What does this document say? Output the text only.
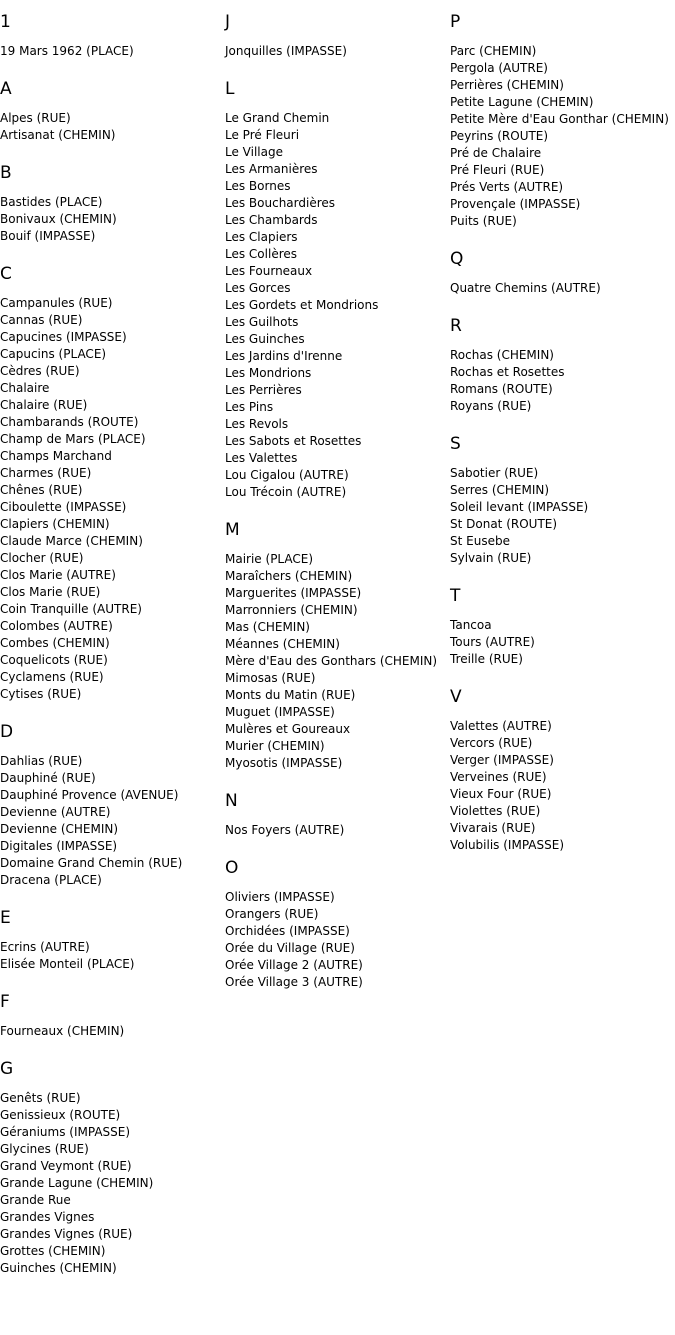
1
19 Mars 1962 (PLACE)
A
Alpes (RUE)
Artisanat (CHEMIN)
B
Bastides (PLACE)
Bonivaux (CHEMIN)
Bouif (IMPASSE)
C
Campanules (RUE)
Cannas (RUE)
Capucines (IMPASSE)
Capucins (PLACE)
Cèdres (RUE)
Chalaire
Chalaire (RUE)
Chambarands (ROUTE)
Champ de Mars (PLACE)
Champs Marchand
Charmes (RUE)
Chênes (RUE)
Ciboulette (IMPASSE)
Clapiers (CHEMIN)
Claude Marce (CHEMIN)
Clocher (RUE)
Clos Marie (AUTRE)
Clos Marie (RUE)
Coin Tranquille (AUTRE)
Colombes (AUTRE)
Combes (CHEMIN)
Coquelicots (RUE)
Cyclamens (RUE)
Cytises (RUE)
D
Dahlias (RUE)
Dauphiné (RUE)
Dauphiné Provence (AVENUE)
Devienne (AUTRE)
Devienne (CHEMIN)
Digitales (IMPASSE)
Domaine Grand Chemin (RUE)
Dracena (PLACE)
E
Ecrins (AUTRE)
Elisée Monteil (PLACE)
F
Fourneaux (CHEMIN)
G
Genêts (RUE)
Genissieux (ROUTE)
Géraniums (IMPASSE)
Glycines (RUE)
Grand Veymont (RUE)
Grande Lagune (CHEMIN)
Grande Rue
Grandes Vignes
Grandes Vignes (RUE)
Grottes (CHEMIN)
Guinches (CHEMIN)
J
Jonquilles (IMPASSE)
L
Le Grand Chemin
Le Pré Fleuri
Le Village
Les Armanières
Les Bornes
Les Bouchardières
Les Chambards
Les Clapiers
Les Collères
Les Fourneaux
Les Gorces
Les Gordets et Mondrions
Les Guilhots
Les Guinches
Les Jardins d'Irenne
Les Mondrions
Les Perrières
Les Pins
Les Revols
Les Sabots et Rosettes
Les Valettes
Lou Cigalou (AUTRE)
Lou Trécoin (AUTRE)
M
Mairie (PLACE)
Maraîchers (CHEMIN)
Marguerites (IMPASSE)
Marronniers (CHEMIN)
Mas (CHEMIN)
Méannes (CHEMIN)
Mère d'Eau des Gonthars (CHEMIN)
Mimosas (RUE)
Monts du Matin (RUE)
Muguet (IMPASSE)
Mulères et Goureaux
Murier (CHEMIN)
Myosotis (IMPASSE)
N
Nos Foyers (AUTRE)
O
Oliviers (IMPASSE)
Orangers (RUE)
Orchidées (IMPASSE)
Orée du Village (RUE)
Orée Village 2 (AUTRE)
Orée Village 3 (AUTRE)
P
Parc (CHEMIN)
Pergola (AUTRE)
Perrières (CHEMIN)
Petite Lagune (CHEMIN)
Petite Mère d'Eau Gonthar (CHEMIN)
Peyrins (ROUTE)
Pré de Chalaire
Pré Fleuri (RUE)
Prés Verts (AUTRE)
Provençale (IMPASSE)
Puits (RUE)
Q
Quatre Chemins (AUTRE)
R
Rochas (CHEMIN)
Rochas et Rosettes
Romans (ROUTE)
Royans (RUE)
S
Sabotier (RUE)
Serres (CHEMIN)
Soleil levant (IMPASSE)
St Donat (ROUTE)
St Eusebe
Sylvain (RUE)
T
Tancoa
Tours (AUTRE)
Treille (RUE)
V
Valettes (AUTRE)
Vercors (RUE)
Verger (IMPASSE)
Verveines (RUE)
Vieux Four (RUE)
Violettes (RUE)
Vivarais (RUE)
Volubilis (IMPASSE)
